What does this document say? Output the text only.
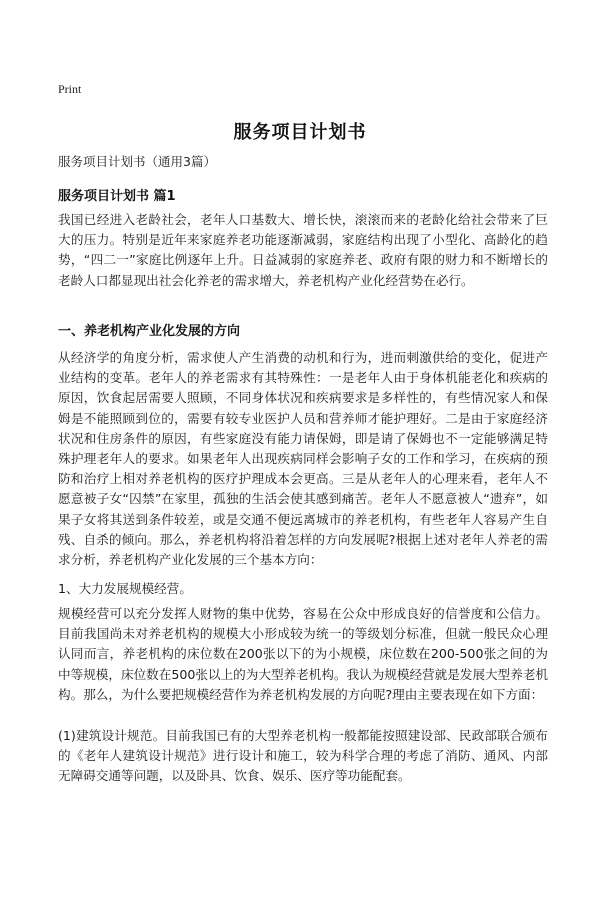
Print
服务项目计划书
服务项目计划书（通用3篇）
服务项目计划书 篇1
我国已经进入老龄社会，老年人口基数大、增长快，滚滚而来的老龄化给社会带来了巨大的压力。特别是近年来家庭养老功能逐渐减弱，家庭结构出现了小型化、高龄化的趋势，“四二一”家庭比例逐年上升。日益减弱的家庭养老、政府有限的财力和不断增长的老龄人口都显现出社会化养老的需求增大，养老机构产业化经营势在必行。
一、养老机构产业化发展的方向
从经济学的角度分析，需求使人产生消费的动机和行为，进而刺激供给的变化，促进产业结构的变革。老年人的养老需求有其特殊性：一是老年人由于身体机能老化和疾病的原因，饮食起居需要人照顾，不同身体状况和疾病要求是多样性的，有些情况家人和保姆是不能照顾到位的，需要有较专业医护人员和营养师才能护理好。二是由于家庭经济状况和住房条件的原因，有些家庭没有能力请保姆，即是请了保姆也不一定能够满足特殊护理老年人的要求。如果老年人出现疾病同样会影响子女的工作和学习，在疾病的预防和治疗上相对养老机构的医疗护理成本会更高。三是从老年人的心理来看，老年人不愿意被子女“囚禁”在家里，孤独的生活会使其感到痛苦。老年人不愿意被人“遗弃”，如果子女将其送到条件较差，或是交通不便远离城市的养老机构，有些老年人容易产生自残、自杀的倾向。那么，养老机构将沿着怎样的方向发展呢?根据上述对老年人养老的需求分析，养老机构产业化发展的三个基本方向：
1、大力发展规模经营。
规模经营可以充分发挥人财物的集中优势，容易在公众中形成良好的信誉度和公信力。目前我国尚未对养老机构的规模大小形成较为统一的等级划分标准，但就一般民众心理认同而言，养老机构的床位数在200张以下的为小规模，床位数在200-500张之间的为中等规模，床位数在500张以上的为大型养老机构。我认为规模经营就是发展大型养老机构。那么，为什么要把规模经营作为养老机构发展的方向呢?理由主要表现在如下方面：
(1)建筑设计规范。目前我国已有的大型养老机构一般都能按照建设部、民政部联合颁布的《老年人建筑设计规范》进行设计和施工，较为科学合理的考虑了消防、通风、内部无障碍交通等问题，以及卧具、饮食、娱乐、医疗等功能配套。
